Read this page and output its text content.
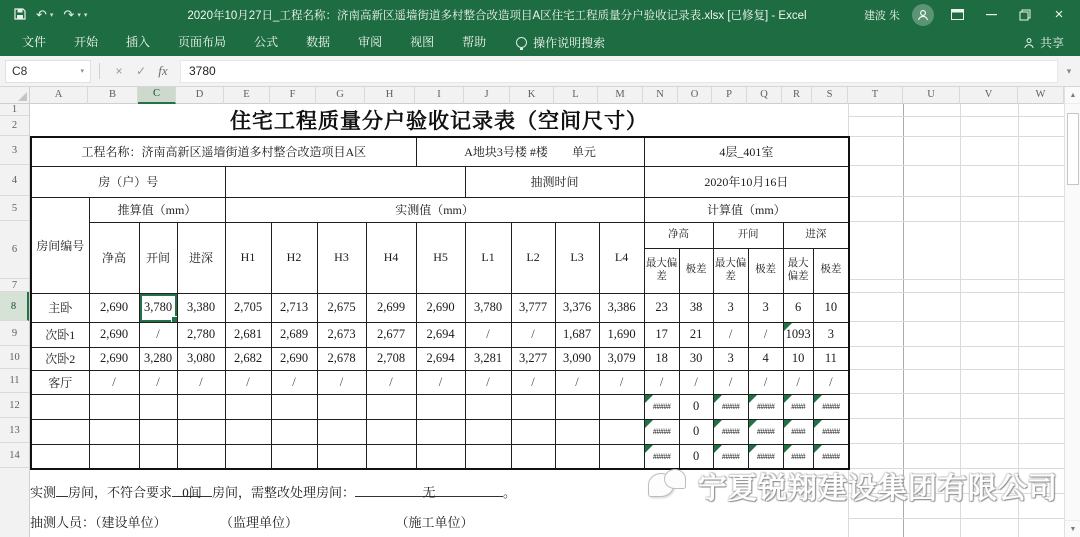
↶ ▾ ↷ ▾ ▾	2020年10月27日_工程名称：济南高新区遥墙街道多村整合改造项目A区住宅工程质量分户验收记录表.xlsx [已修复] - Excel	建波 朱	×
文件	开始	插入	页面布局	公式	数据	审阅	视图	帮助	操作说明搜索	共享
C8	▾	×	✓ fx	3780	▾
A	B	C	D	E	F	G	H	I	J	K	L	M	N	O	P	Q	R	S	T	U	V	W
1
2
3
4
5
6
7
8
9
10
11
12
13
14
住宅工程质量分户验收记录表（空间尺寸）
工程名称：济南高新区遥墙街道多村整合改造项目A区								A地块3号楼 #楼　　 单元					4层_401室					
房（户）号									抽测时间				2020年10月16日					
房间编号	推算值（mm）			实测值（mm）									计算值（mm）					
	净高	开间	进深	H1	H2	H3	H4	H5	L1	L2	L3	L4	净高		开间		进深	
													最大偏差	极差	最大偏差	极差	最大偏差	极差

主卧	2,690	3,780	3,380	2,705	2,713	2,675	2,699	2,690	3,780	3,777	3,376	3,386	23	38	3	3	6	10
次卧1	2,690	/	2,780	2,681	2,689	2,673	2,677	2,694	/	/	1,687	1,690	17	21	/	/	1093	3
次卧2	2,690	3,280	3,080	2,682	2,690	2,678	2,708	2,694	3,281	3,277	3,090	3,079	18	30	3	4	10	11
客厅	/	/	/	/	/	/	/	/	/	/	/	/	/	/	/	/	/	/
													#####	0	#####	#####	####	#####
													#####	0	#####	#####	####	#####
													#####	0	#####	#####	####	#####
实测 房间，不符合要求 0间 房间，需整改处理房间：	无	。
抽测人员：（建设单位）	（监理单位）	（施工单位）
宁夏锐翔建设集团有限公司
▲
▼
